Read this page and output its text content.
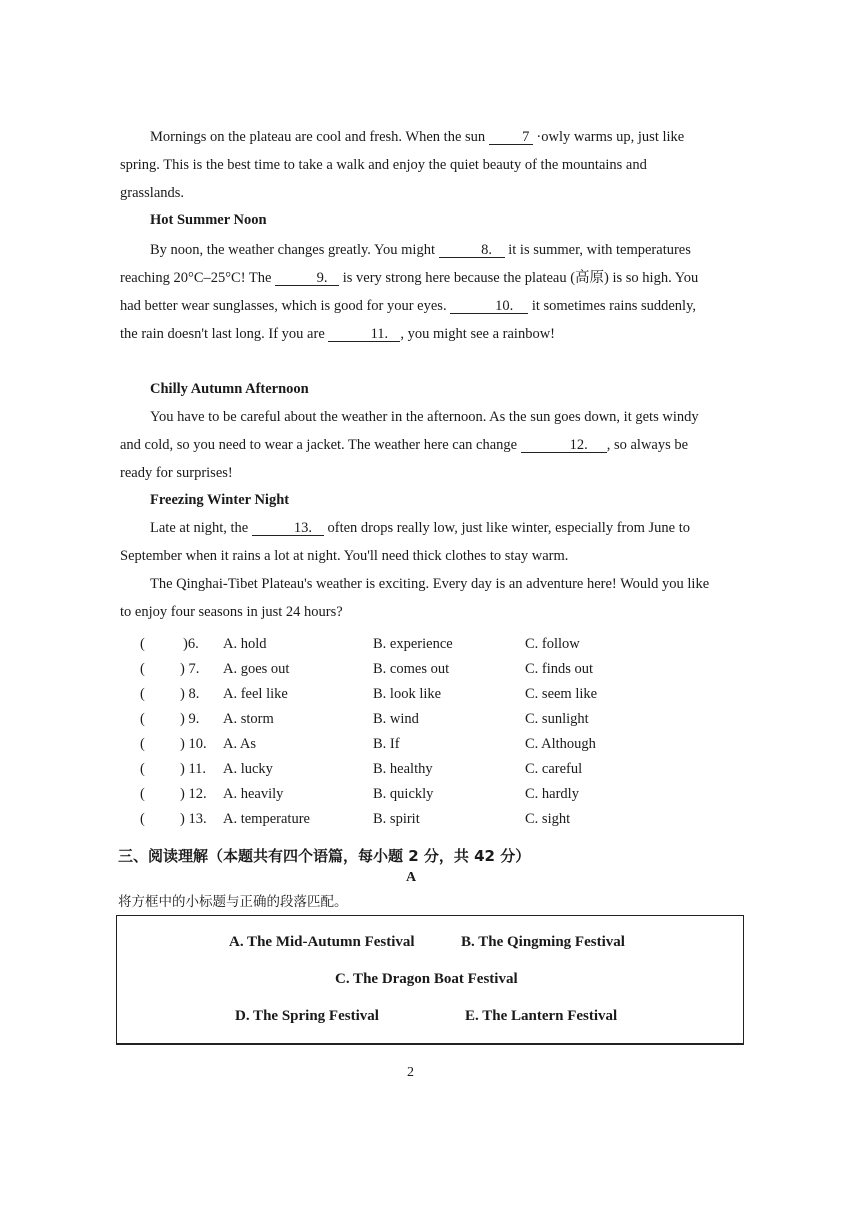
Mornings on the plateau are cool and fresh. When the sun 7 ·owly warms up, just like spring. This is the best time to take a walk and enjoy the quiet beauty of the mountains and grasslands.
Hot Summer Noon
By noon, the weather changes greatly. You might	8. it is summer, with temperatures reaching 20°C–25°C! The	9. is very strong here because the plateau (高原) is so high. You had better wear sunglasses, which is good for your eyes.	10. it sometimes rains suddenly, the rain doesn't last long. If you are	11. , you might see a rainbow!
Chilly Autumn Afternoon
You have to be careful about the weather in the afternoon. As the sun goes down, it gets windy and cold, so you need to wear a jacket. The weather here can change	12. , so always be ready for surprises!
Freezing Winter Night
Late at night, the	13. often drops really low, just like winter, especially from June to September when it rains a lot at night. You'll need thick clothes to stay warm.
The Qinghai-Tibet Plateau's weather is exciting. Every day is an adventure here! Would you like to enjoy four seasons in just 24 hours?
(	)6. A. hold	B. experience	C. follow
( ) 7. A. goes out	B. comes out	C. finds out
( ) 8. A. feel like	B. look like	C. seem like
( ) 9. A. storm	B. wind	C. sunlight
( ) 10. A. As	B. If	C. Although
( ) 11. A. lucky	B. healthy	C. careful
( ) 12. A. heavily	B. quickly	C. hardly
( ) 13. A. temperature	B. spirit	C. sight
三、阅读理解（本题共有四个语篇，每小题 2 分，共 42 分）
A
将方框中的小标题与正确的段落匹配。
A. The Mid-Autumn Festival	B. The Qingming Festival
C. The Dragon Boat Festival
D. The Spring Festival	E. The Lantern Festival
2
